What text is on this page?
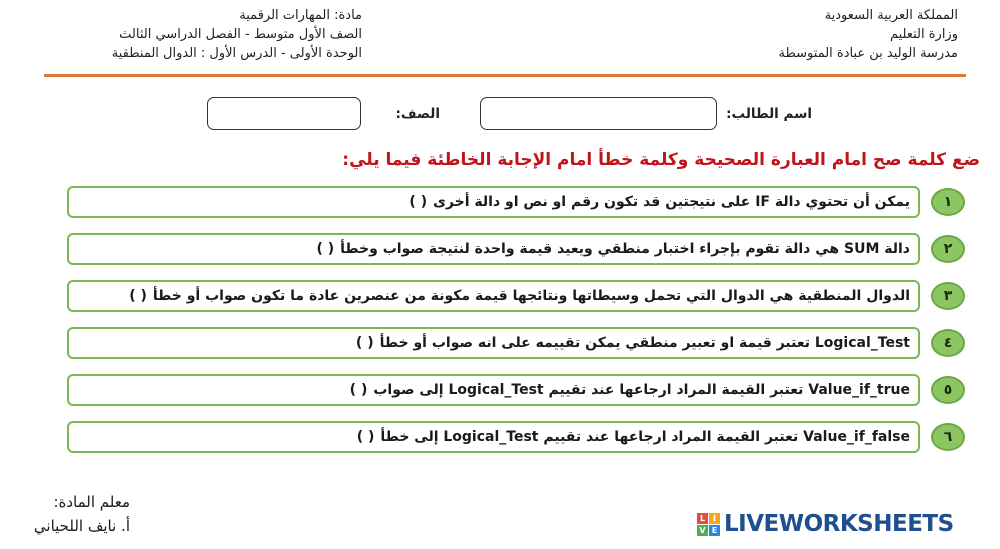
المملكة العربية السعودية
وزارة التعليم
مدرسة الوليد بن عبادة المتوسطة
مادة: المهارات الرقمية
الصف الأول متوسط - الفصل الدراسي الثالث
الوحدة الأولى - الدرس الأول : الدوال المنطقية
اسم الطالب:
الصف:
ضع كلمة صح امام العبارة الصحيحة وكلمة خطأ امام الإجابة الخاطئة فيما يلي:
يمكن أن تحتوي دالة IF على نتيجتين قد تكون رقم او نص او دالة أخرى
( )	١
دالة SUM هي دالة تقوم بإجراء اختبار منطقي ويعيد قيمة واحدة لنتيجة صواب وخطأ
( )	٢
الدوال المنطقية هي الدوال التي تحمل وسيطاتها ونتائجها قيمة مكونة من عنصرين عادة ما تكون صواب أو خطأ
( )	٣
Logical_Test تعتبر قيمة او تعبير منطقي يمكن تقييمه على انه صواب أو خطأ
( )	٤
Value_if_true تعتبر القيمة المراد ارجاعها عند تقييم Logical_Test إلى صواب
( )	٥
Value_if_false تعتبر القيمة المراد ارجاعها عند تقييم Logical_Test إلى خطأ
( )	٦
معلم المادة:
أ. نايف اللحياني	L I
V E LIVEWORKSHEETS
